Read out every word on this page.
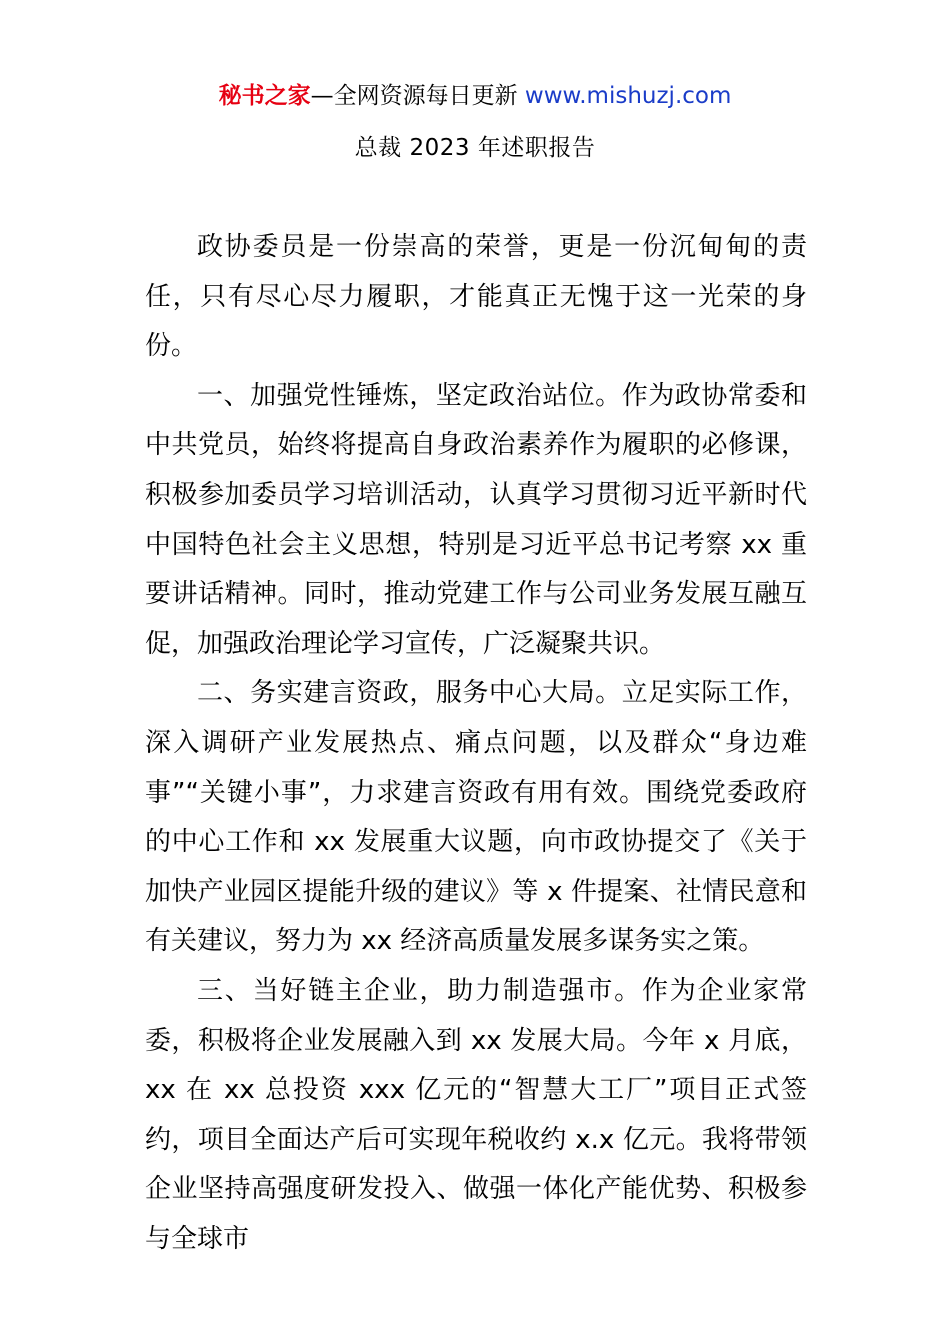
秘书之家—全网资源每日更新 www.mishuzj.com
总裁 2023 年述职报告

政协委员是一份崇高的荣誉，更是一份沉甸甸的责任，只有尽心尽力履职，才能真正无愧于这一光荣的身份。

一、加强党性锤炼，坚定政治站位。作为政协常委和中共党员，始终将提高自身政治素养作为履职的必修课，积极参加委员学习培训活动，认真学习贯彻习近平新时代中国特色社会主义思想，特别是习近平总书记考察 xx 重要讲话精神。同时，推动党建工作与公司业务发展互融互促，加强政治理论学习宣传，广泛凝聚共识。

二、务实建言资政，服务中心大局。立足实际工作，深入调研产业发展热点、痛点问题，以及群众“身边难事”“关键小事”，力求建言资政有用有效。围绕党委政府的中心工作和 xx 发展重大议题，向市政协提交了《关于加快产业园区提能升级的建议》等 x 件提案、社情民意和有关建议，努力为 xx 经济高质量发展多谋务实之策。

三、当好链主企业，助力制造强市。作为企业家常委，积极将企业发展融入到 xx 发展大局。今年 x 月底，xx 在 xx 总投资 xxx 亿元的“智慧大工厂”项目正式签约，项目全面达产后可实现年税收约 x.x 亿元。我将带领企业坚持高强度研发投入、做强一体化产能优势、积极参与全球市
